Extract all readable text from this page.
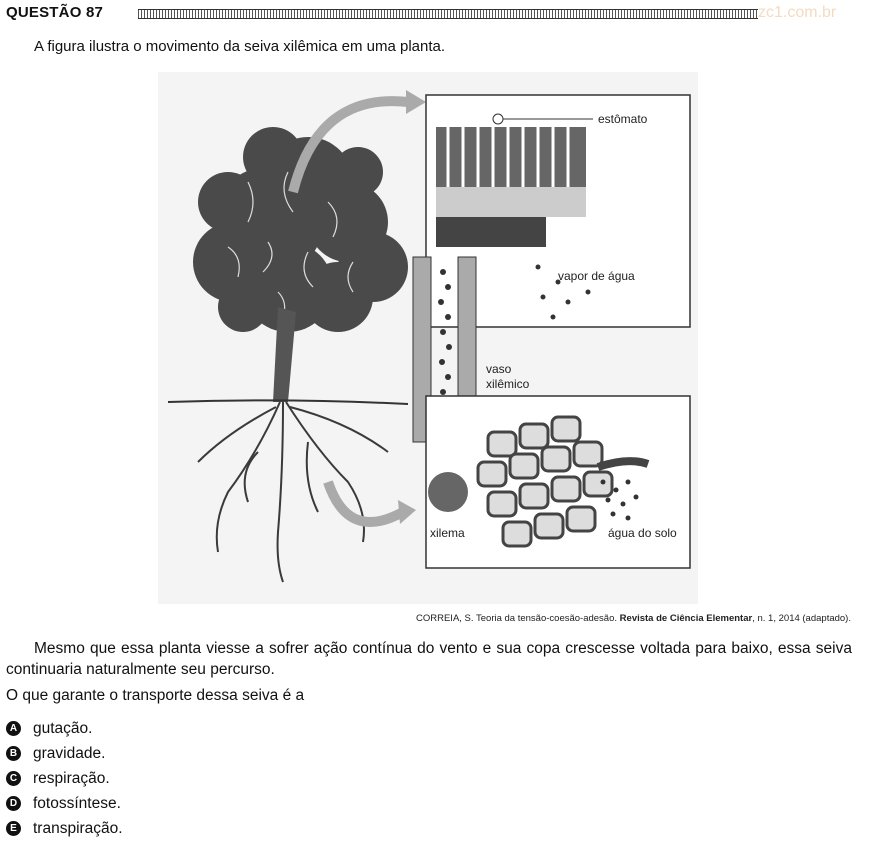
QUESTÃO 87	zc1.com.br
A figura ilustra o movimento da seiva xilêmica em uma planta.
estômato
vapor de água
vaso
xilêmico
xilema	água do solo
CORREIA, S. Teoria da tensão-coesão-adesão. Revista de Ciência Elementar, n. 1, 2014 (adaptado).
Mesmo que essa planta viesse a sofrer ação contínua do vento e sua copa crescesse voltada para baixo, essa seiva continuaria naturalmente seu percurso.
O que garante o transporte dessa seiva é a
A gutação.
B gravidade.
C respiração.
D fotossíntese.
E transpiração.
